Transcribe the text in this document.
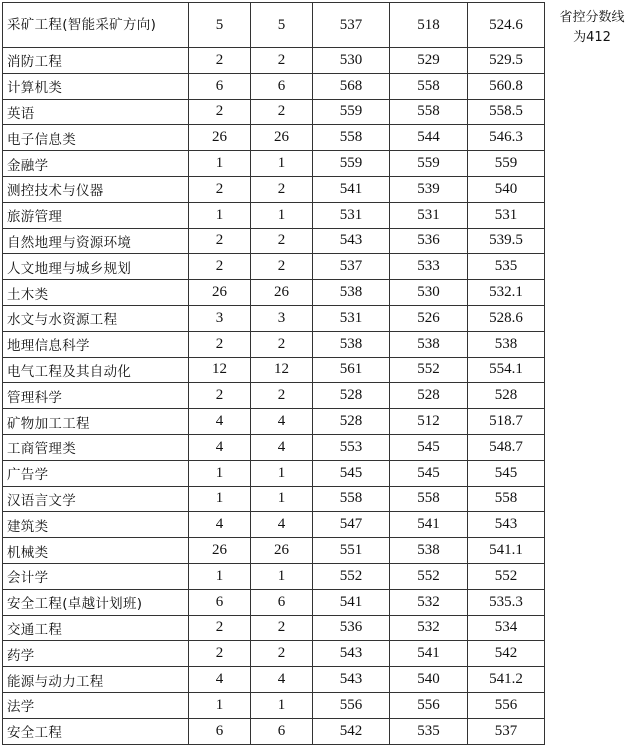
采矿工程(智能采矿方向)	5	5	537	518	524.6
消防工程	2	2	530	529	529.5
计算机类	6	6	568	558	560.8
英语	2	2	559	558	558.5
电子信息类	26	26	558	544	546.3
金融学	1	1	559	559	559
测控技术与仪器	2	2	541	539	540
旅游管理	1	1	531	531	531
自然地理与资源环境	2	2	543	536	539.5
人文地理与城乡规划	2	2	537	533	535
土木类	26	26	538	530	532.1
水文与水资源工程	3	3	531	526	528.6
地理信息科学	2	2	538	538	538
电气工程及其自动化	12	12	561	552	554.1
管理科学	2	2	528	528	528
矿物加工工程	4	4	528	512	518.7
工商管理类	4	4	553	545	548.7
广告学	1	1	545	545	545
汉语言文学	1	1	558	558	558
建筑类	4	4	547	541	543
机械类	26	26	551	538	541.1
会计学	1	1	552	552	552
安全工程(卓越计划班)	6	6	541	532	535.3
交通工程	2	2	536	532	534
药学	2	2	543	541	542
能源与动力工程	4	4	543	540	541.2
法学	1	1	556	556	556
安全工程	6	6	542	535	537
省控分数线
为412
